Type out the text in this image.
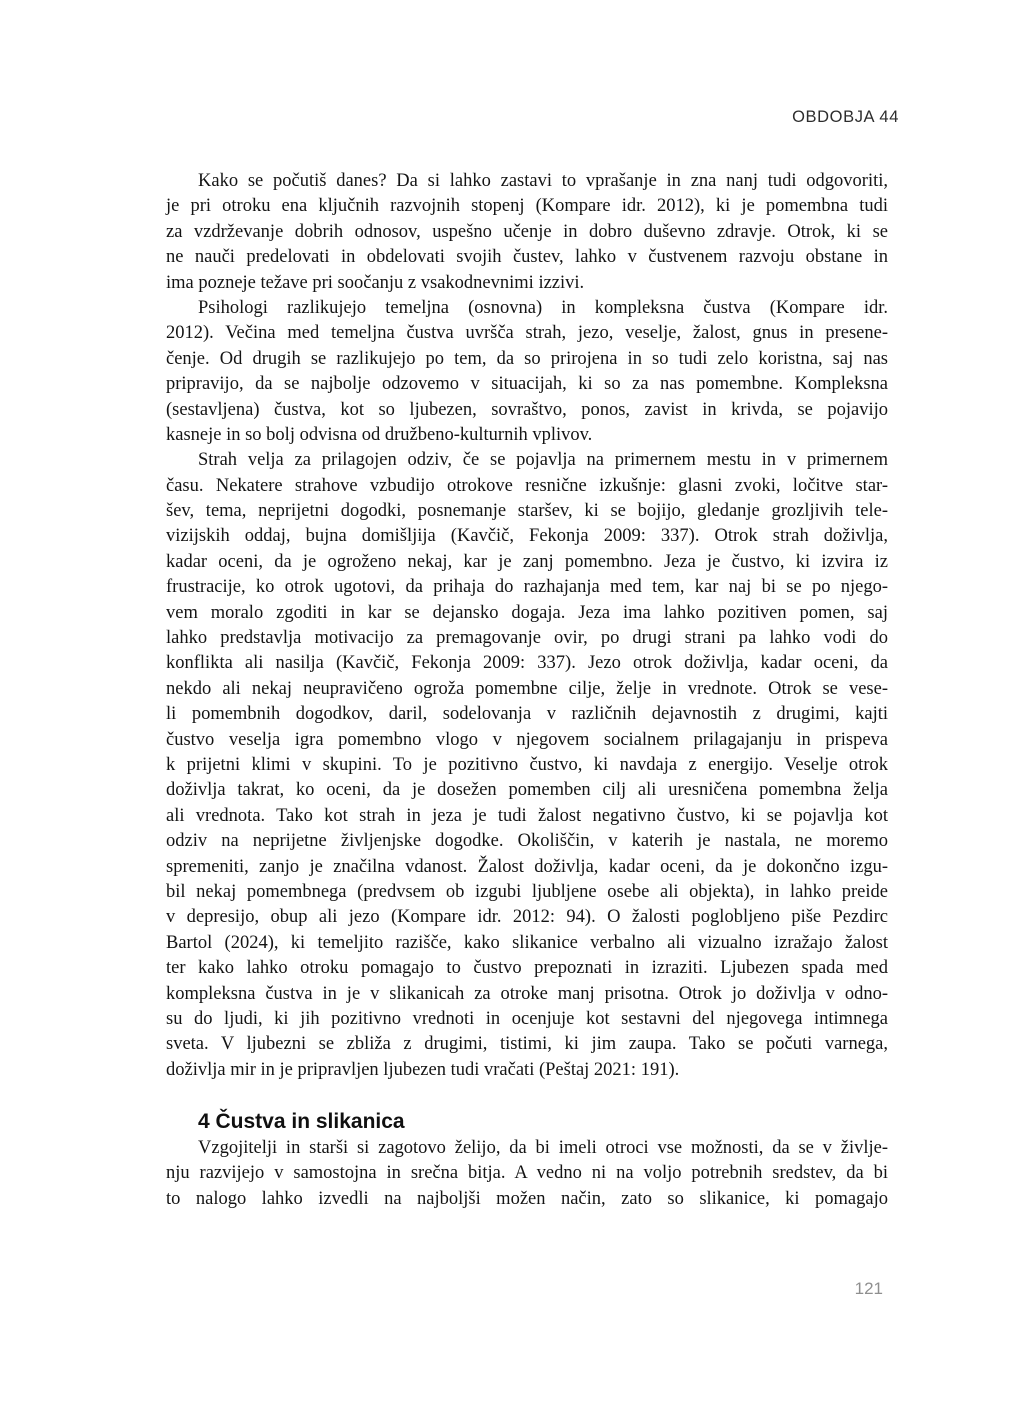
OBDOBJA 44
Kako se počutiš danes? Da si lahko zastavi to vprašanje in zna nanj tudi odgovoriti,
je pri otroku ena ključnih razvojnih stopenj (Kompare idr. 2012), ki je pomembna tudi
za vzdrževanje dobrih odnosov, uspešno učenje in dobro duševno zdravje. Otrok, ki se
ne nauči predelovati in obdelovati svojih čustev, lahko v čustvenem razvoju obstane in
ima pozneje težave pri soočanju z vsakodnevnimi izzivi.
Psihologi razlikujejo temeljna (osnovna) in kompleksna čustva (Kompare idr.
2012). Večina med temeljna čustva uvršča strah, jezo, veselje, žalost, gnus in presene-
čenje. Od drugih se razlikujejo po tem, da so prirojena in so tudi zelo koristna, saj nas
pripravijo, da se najbolje odzovemo v situacijah, ki so za nas pomembne. Kompleksna
(sestavljena) čustva, kot so ljubezen, sovraštvo, ponos, zavist in krivda, se pojavijo
kasneje in so bolj odvisna od družbeno-kulturnih vplivov.
Strah velja za prilagojen odziv, če se pojavlja na primernem mestu in v primernem
času. Nekatere strahove vzbudijo otrokove resnične izkušnje: glasni zvoki, ločitve star-
šev, tema, neprijetni dogodki, posnemanje staršev, ki se bojijo, gledanje grozljivih tele-
vizijskih oddaj, bujna domišljija (Kavčič, Fekonja 2009: 337). Otrok strah doživlja,
kadar oceni, da je ogroženo nekaj, kar je zanj pomembno. Jeza je čustvo, ki izvira iz
frustracije, ko otrok ugotovi, da prihaja do razhajanja med tem, kar naj bi se po njego-
vem moralo zgoditi in kar se dejansko dogaja. Jeza ima lahko pozitiven pomen, saj
lahko predstavlja motivacijo za premagovanje ovir, po drugi strani pa lahko vodi do
konflikta ali nasilja (Kavčič, Fekonja 2009: 337). Jezo otrok doživlja, kadar oceni, da
nekdo ali nekaj neupravičeno ogroža pomembne cilje, želje in vrednote. Otrok se vese-
li pomembnih dogodkov, daril, sodelovanja v različnih dejavnostih z drugimi, kajti
čustvo veselja igra pomembno vlogo v njegovem socialnem prilagajanju in prispeva
k prijetni klimi v skupini. To je pozitivno čustvo, ki navdaja z energijo. Veselje otrok
doživlja takrat, ko oceni, da je dosežen pomemben cilj ali uresničena pomembna želja
ali vrednota. Tako kot strah in jeza je tudi žalost negativno čustvo, ki se pojavlja kot
odziv na neprijetne življenjske dogodke. Okoliščin, v katerih je nastala, ne moremo
spremeniti, zanjo je značilna vdanost. Žalost doživlja, kadar oceni, da je dokončno izgu-
bil nekaj pomembnega (predvsem ob izgubi ljubljene osebe ali objekta), in lahko preide
v depresijo, obup ali jezo (Kompare idr. 2012: 94). O žalosti poglobljeno piše Pezdirc
Bartol (2024), ki temeljito razišče, kako slikanice verbalno ali vizualno izražajo žalost
ter kako lahko otroku pomagajo to čustvo prepoznati in izraziti. Ljubezen spada med
kompleksna čustva in je v slikanicah za otroke manj prisotna. Otrok jo doživlja v odno-
su do ljudi, ki jih pozitivno vrednoti in ocenjuje kot sestavni del njegovega intimnega
sveta. V ljubezni se zbliža z drugimi, tistimi, ki jim zaupa. Tako se počuti varnega,
doživlja mir in je pripravljen ljubezen tudi vračati (Peštaj 2021: 191).
4 Čustva in slikanica
Vzgojitelji in starši si zagotovo želijo, da bi imeli otroci vse možnosti, da se v življe-
nju razvijejo v samostojna in srečna bitja. A vedno ni na voljo potrebnih sredstev, da bi
to nalogo lahko izvedli na najboljši možen način, zato so slikanice, ki pomagajo
121
